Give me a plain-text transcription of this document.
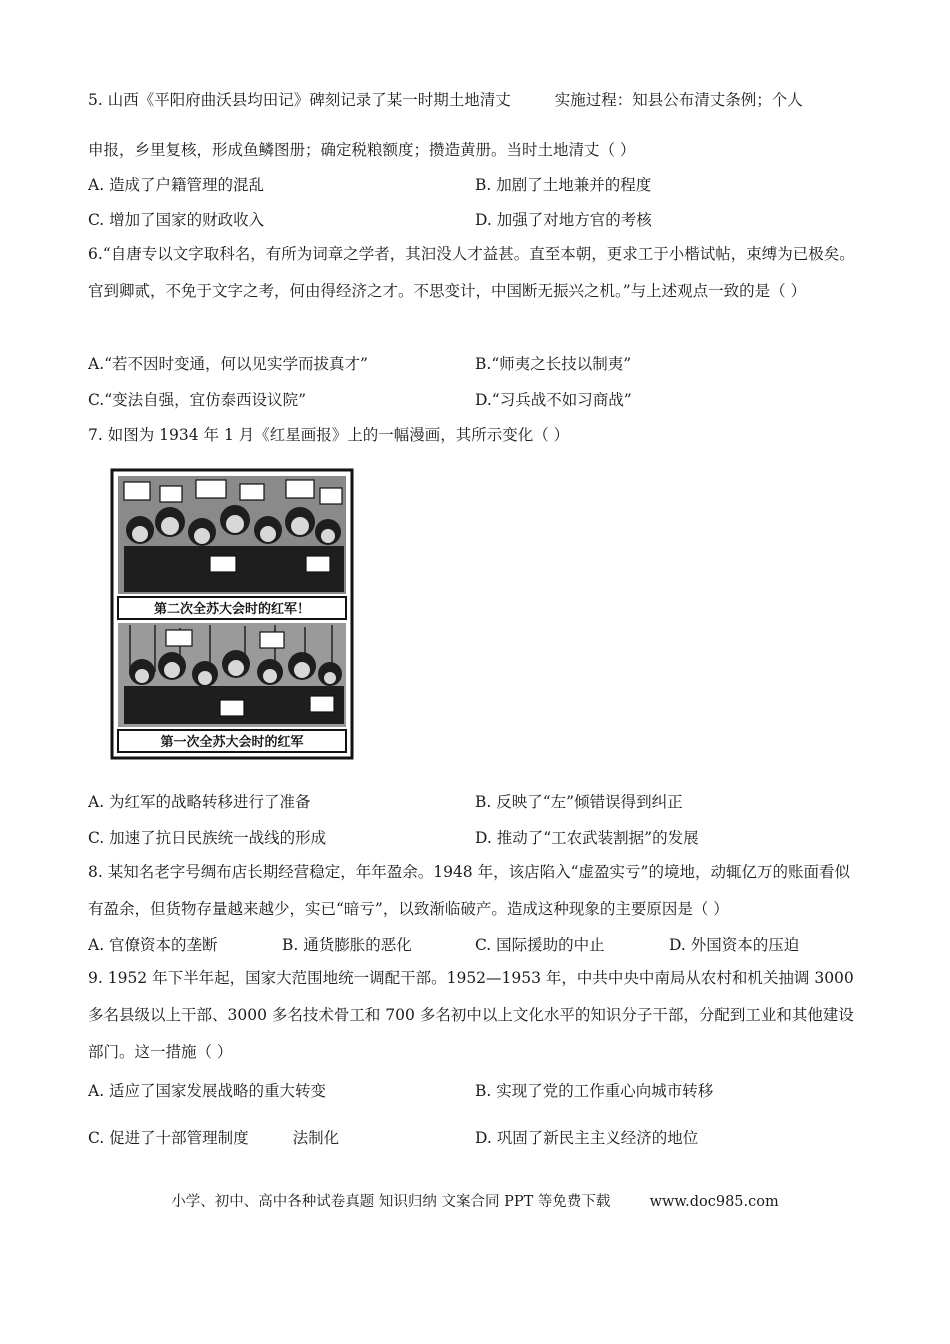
5. 山西《平阳府曲沃县均田记》碑刻记录了某一时期土地清丈	实施过程：知县公布清丈条例；个人
申报，乡里复核，形成鱼鳞图册；确定税粮额度；攒造黄册。当时土地清丈（ ）
A. 造成了户籍管理的混乱	B. 加剧了土地兼并的程度
C. 增加了国家的财政收入	D. 加强了对地方官的考核
6.“自唐专以文字取科名，有所为词章之学者，其汩没人才益甚。直至本朝，更求工于小楷试帖，束缚为已极矣。官到卿贰，不免于文字之考，何由得经济之才。不思变计，中国断无振兴之机。”与上述观点一致的是（ ）
A.“若不因时变通，何以见实学而拔真才”	B.“师夷之长技以制夷”
C.“变法自强，宜仿泰西设议院”	D.“习兵战不如习商战”
7. 如图为 1934 年 1 月《红星画报》上的一幅漫画，其所示变化（ ）
第二次全苏大会时的红军！
第一次全苏大会时的红军
A. 为红军的战略转移进行了准备	B. 反映了“左”倾错误得到纠正
C. 加速了抗日民族统一战线的形成	D. 推动了“工农武装割据”的发展
8. 某知名老字号绸布店长期经营稳定，年年盈余。1948 年，该店陷入“虚盈实亏”的境地，动辄亿万的账面看似有盈余，但货物存量越来越少，实已“暗亏”，以致渐临破产。造成这种现象的主要原因是（ ）
A. 官僚资本的垄断	B. 通货膨胀的恶化	C. 国际援助的中止	D. 外国资本的压迫
9. 1952 年下半年起，国家大范围地统一调配干部。1952—1953 年，中共中央中南局从农村和机关抽调 3000 多名县级以上干部、3000 多名技术骨工和 700 多名初中以上文化水平的知识分子干部，分配到工业和其他建设部门。这一措施（ ）
A. 适应了国家发展战略的重大转变	B. 实现了党的工作重心向城市转移
C. 促进了十部管理制度	法制化	D. 巩固了新民主主义经济的地位
小学、初中、高中各种试卷真题 知识归纳 文案合同 PPT 等免费下载	www.doc985.com
